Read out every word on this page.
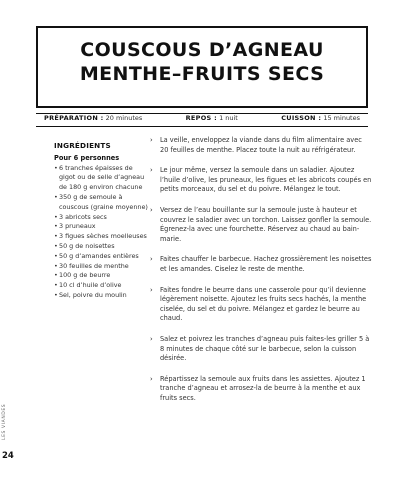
COUSCOUS D’AGNEAU
MENTHE–FRUITS SECS
PRÉPARATION : 20 minutes	REPOS : 1 nuit	CUISSON : 15 minutes
INGRÉDIENTS
Pour 6 personnes
• 6 tranches épaisses de gigot ou de selle d’agneau de 180 g environ chacune
• 350 g de semoule à couscous (graine moyenne)
• 3 abricots secs
• 3 pruneaux
• 3 figues sèches moelleuses
• 50 g de noisettes
• 50 g d’amandes entières
• 30 feuilles de menthe
• 100 g de beurre
• 10 cl d’huile d’olive
• Sel, poivre du moulin
› La veille, enveloppez la viande dans du film alimentaire avec 20 feuilles de menthe. Placez toute la nuit au réfrigérateur.
› Le jour même, versez la semoule dans un saladier. Ajoutez l’huile d’olive, les pruneaux, les figues et les abricots coupés en petits morceaux, du sel et du poivre. Mélangez le tout.
› Versez de l’eau bouillante sur la semoule juste à hauteur et couvrez le saladier avec un torchon. Laissez gonfler la semoule. Égrenez-la avec une fourchette. Réservez au chaud au bain-marie.
› Faites chauffer le barbecue. Hachez grossièrement les noisettes et les amandes. Ciselez le reste de menthe.
› Faites fondre le beurre dans une casserole pour qu’il devienne légèrement noisette. Ajoutez les fruits secs hachés, la menthe ciselée, du sel et du poivre. Mélangez et gardez le beurre au chaud.
› Salez et poivrez les tranches d’agneau puis faites-les griller 5 à 8 minutes de chaque côté sur le barbecue, selon la cuisson désirée.
› Répartissez la semoule aux fruits dans les assiettes. Ajoutez 1 tranche d’agneau et arrosez-la de beurre à la menthe et aux fruits secs.
LES VIANDES
24
